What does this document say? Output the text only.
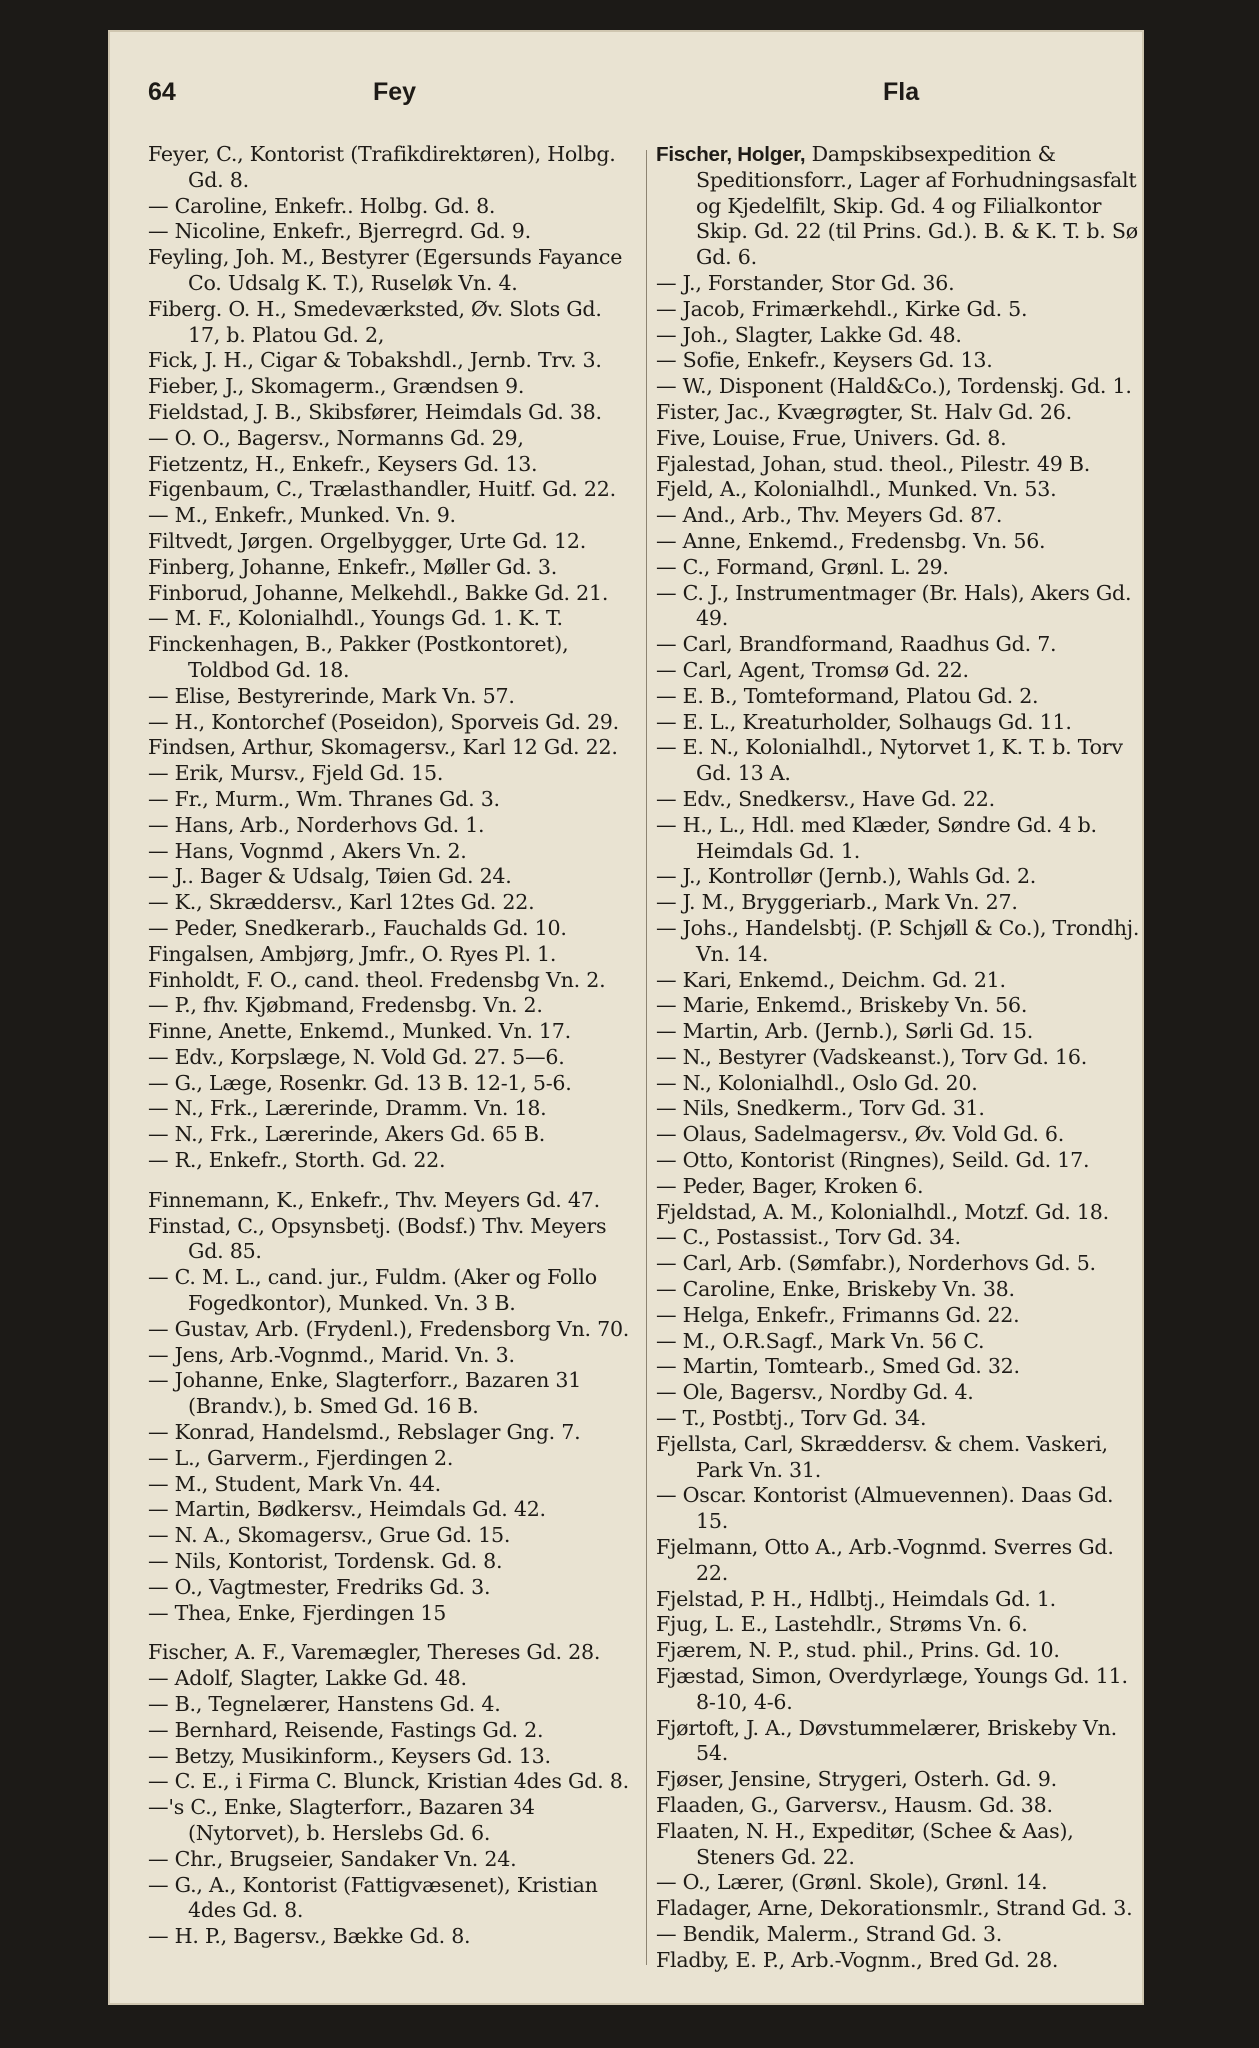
64	Fey	Fla

Feyer, C., Kontorist (Trafikdirektøren), Holbg. Gd. 8.

— Caroline, Enkefr.. Holbg. Gd. 8.

— Nicoline, Enkefr., Bjerregrd. Gd. 9.

Feyling, Joh. M., Bestyrer (Egersunds Fayance Co. Udsalg K. T.), Ruseløk Vn. 4.

Fiberg. O. H., Smedeværksted, Øv. Slots Gd. 17, b. Platou Gd. 2,

Fick, J. H., Cigar & Tobakshdl., Jernb. Trv. 3.

Fieber, J., Skomagerm., Grændsen 9.

Fieldstad, J. B., Skibsfører, Heimdals Gd. 38.

— O. O., Bagersv., Normanns Gd. 29,

Fietzentz, H., Enkefr., Keysers Gd. 13.

Figenbaum, C., Trælasthandler, Huitf. Gd. 22.

— M., Enkefr., Munked. Vn. 9.

Filtvedt, Jørgen. Orgelbygger, Urte Gd. 12.

Finberg, Johanne, Enkefr., Møller Gd. 3.

Finborud, Johanne, Melkehdl., Bakke Gd. 21.

— M. F., Kolonialhdl., Youngs Gd. 1. K. T.

Finckenhagen, B., Pakker (Postkontoret), Toldbod Gd. 18.

— Elise, Bestyrerinde, Mark Vn. 57.

— H., Kontorchef (Poseidon), Sporveis Gd. 29.

Findsen, Arthur, Skomagersv., Karl 12 Gd. 22.

— Erik, Mursv., Fjeld Gd. 15.

— Fr., Murm., Wm. Thranes Gd. 3.

— Hans, Arb., Norderhovs Gd. 1.

— Hans, Vognmd , Akers Vn. 2.

— J.. Bager & Udsalg, Tøien Gd. 24.

— K., Skræddersv., Karl 12tes Gd. 22.

— Peder, Snedkerarb., Fauchalds Gd. 10.

Fingalsen, Ambjørg, Jmfr., O. Ryes Pl. 1.

Finholdt, F. O., cand. theol. Fredensbg Vn. 2.

— P., fhv. Kjøbmand, Fredensbg. Vn. 2.

Finne, Anette, Enkemd., Munked. Vn. 17.

— Edv., Korpslæge, N. Vold Gd. 27. 5—6.

— G., Læge, Rosenkr. Gd. 13 B. 12-1, 5-6.

— N., Frk., Lærerinde, Dramm. Vn. 18.

— N., Frk., Lærerinde, Akers Gd. 65 B.

— R., Enkefr., Storth. Gd. 22.

Finnemann, K., Enkefr., Thv. Meyers Gd. 47.

Finstad, C., Opsynsbetj. (Bodsf.) Thv. Meyers Gd. 85.

— C. M. L., cand. jur., Fuldm. (Aker og Follo Fogedkontor), Munked. Vn. 3 B.

— Gustav, Arb. (Frydenl.), Fredensborg Vn. 70.

— Jens, Arb.-Vognmd., Marid. Vn. 3.

— Johanne, Enke, Slagterforr., Bazaren 31 (Brandv.), b. Smed Gd. 16 B.

— Konrad, Handelsmd., Rebslager Gng. 7.

— L., Garverm., Fjerdingen 2.

— M., Student, Mark Vn. 44.

— Martin, Bødkersv., Heimdals Gd. 42.

— N. A., Skomagersv., Grue Gd. 15.

— Nils, Kontorist, Tordensk. Gd. 8.

— O., Vagtmester, Fredriks Gd. 3.

— Thea, Enke, Fjerdingen 15

Fischer, A. F., Varemægler, Thereses Gd. 28.

— Adolf, Slagter, Lakke Gd. 48.

— B., Tegnelærer, Hanstens Gd. 4.

— Bernhard, Reisende, Fastings Gd. 2.

— Betzy, Musikinform., Keysers Gd. 13.

— C. E., i Firma C. Blunck, Kristian 4des Gd. 8.

—'s C., Enke, Slagterforr., Bazaren 34 (Nytorvet), b. Herslebs Gd. 6.

— Chr., Brugseier, Sandaker Vn. 24.

— G., A., Kontorist (Fattigvæsenet), Kristian 4des Gd. 8.

— H. P., Bagersv., Bække Gd. 8.

Fischer, Holger, Dampskibsexpedition & Speditionsforr., Lager af Forhudningsasfalt og Kjedelfilt, Skip. Gd. 4 og Filialkontor Skip. Gd. 22 (til Prins. Gd.). B. & K. T. b. Sø Gd. 6.

— J., Forstander, Stor Gd. 36.

— Jacob, Frimærkehdl., Kirke Gd. 5.

— Joh., Slagter, Lakke Gd. 48.

— Sofie, Enkefr., Keysers Gd. 13.

— W., Disponent (Hald&Co.), Tordenskj. Gd. 1.

Fister, Jac., Kvægrøgter, St. Halv Gd. 26.

Five, Louise, Frue, Univers. Gd. 8.

Fjalestad, Johan, stud. theol., Pilestr. 49 B.

Fjeld, A., Kolonialhdl., Munked. Vn. 53.

— And., Arb., Thv. Meyers Gd. 87.

— Anne, Enkemd., Fredensbg. Vn. 56.

— C., Formand, Grønl. L. 29.

— C. J., Instrumentmager (Br. Hals), Akers Gd. 49.

— Carl, Brandformand, Raadhus Gd. 7.

— Carl, Agent, Tromsø Gd. 22.

— E. B., Tomteformand, Platou Gd. 2.

— E. L., Kreaturholder, Solhaugs Gd. 11.

— E. N., Kolonialhdl., Nytorvet 1, K. T. b. Torv Gd. 13 A.

— Edv., Snedkersv., Have Gd. 22.

— H., L., Hdl. med Klæder, Søndre Gd. 4 b. Heimdals Gd. 1.

— J., Kontrollør (Jernb.), Wahls Gd. 2.

— J. M., Bryggeriarb., Mark Vn. 27.

— Johs., Handelsbtj. (P. Schjøll & Co.), Trondhj. Vn. 14.

— Kari, Enkemd., Deichm. Gd. 21.

— Marie, Enkemd., Briskeby Vn. 56.

— Martin, Arb. (Jernb.), Sørli Gd. 15.

— N., Bestyrer (Vadskeanst.), Torv Gd. 16.

— N., Kolonialhdl., Oslo Gd. 20.

— Nils, Snedkerm., Torv Gd. 31.

— Olaus, Sadelmagersv., Øv. Vold Gd. 6.

— Otto, Kontorist (Ringnes), Seild. Gd. 17.

— Peder, Bager, Kroken 6.

Fjeldstad, A. M., Kolonialhdl., Motzf. Gd. 18.

— C., Postassist., Torv Gd. 34.

— Carl, Arb. (Sømfabr.), Norderhovs Gd. 5.

— Caroline, Enke, Briskeby Vn. 38.

— Helga, Enkefr., Frimanns Gd. 22.

— M., O.R.Sagf., Mark Vn. 56 C.

— Martin, Tomtearb., Smed Gd. 32.

— Ole, Bagersv., Nordby Gd. 4.

— T., Postbtj., Torv Gd. 34.

Fjellsta, Carl, Skræddersv. & chem. Vaskeri, Park Vn. 31.

— Oscar. Kontorist (Almuevennen). Daas Gd. 15.

Fjelmann, Otto A., Arb.-Vognmd. Sverres Gd. 22.

Fjelstad, P. H., Hdlbtj., Heimdals Gd. 1.

Fjug, L. E., Lastehdlr., Strøms Vn. 6.

Fjærem, N. P., stud. phil., Prins. Gd. 10.

Fjæstad, Simon, Overdyrlæge, Youngs Gd. 11. 8-10, 4-6.

Fjørtoft, J. A., Døvstummelærer, Briskeby Vn. 54.

Fjøser, Jensine, Strygeri, Osterh. Gd. 9.

Flaaden, G., Garversv., Hausm. Gd. 38.

Flaaten, N. H., Expeditør, (Schee & Aas), Steners Gd. 22.

— O., Lærer, (Grønl. Skole), Grønl. 14.

Fladager, Arne, Dekorationsmlr., Strand Gd. 3.

— Bendik, Malerm., Strand Gd. 3.

Fladby, E. P., Arb.-Vognm., Bred Gd. 28.
